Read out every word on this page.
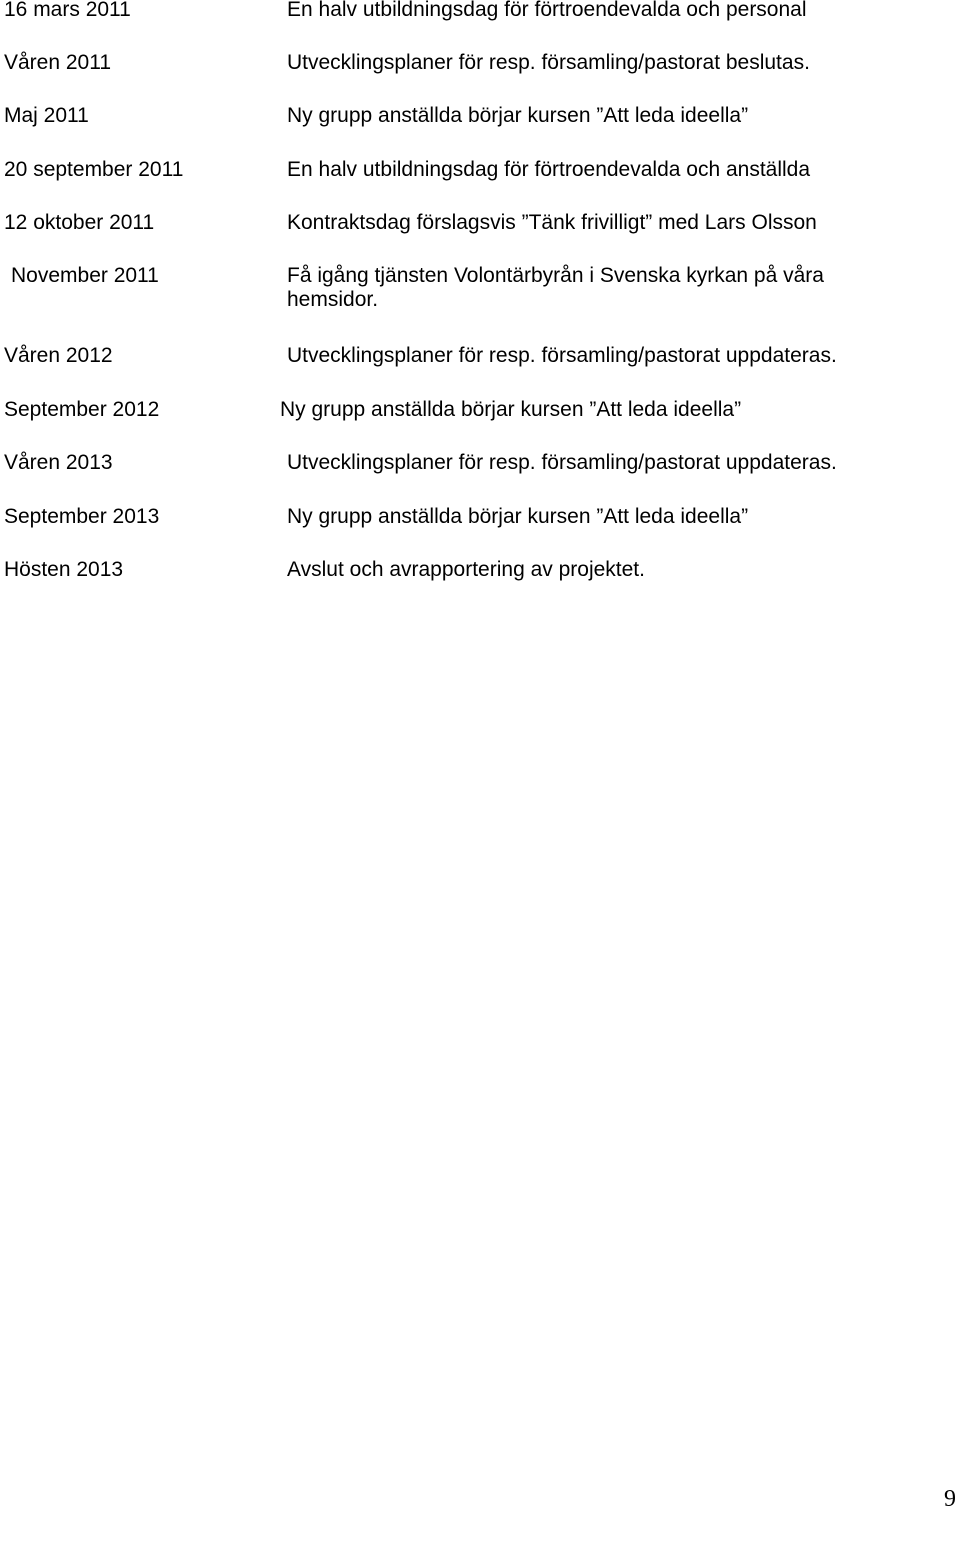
16 mars 2011	En halv utbildningsdag för förtroendevalda och personal
Våren 2011	Utvecklingsplaner för resp. församling/pastorat beslutas.
Maj 2011	Ny grupp anställda börjar kursen ”Att leda ideella”
20 september 2011	En halv utbildningsdag för förtroendevalda och anställda
12 oktober 2011	Kontraktsdag förslagsvis ”Tänk frivilligt” med Lars Olsson
November 2011	Få igång tjänsten Volontärbyrån i Svenska kyrkan på våra hemsidor.
Våren 2012	Utvecklingsplaner för resp. församling/pastorat uppdateras.
September 2012	Ny grupp anställda börjar kursen ”Att leda ideella”
Våren 2013	Utvecklingsplaner för resp. församling/pastorat uppdateras.
September 2013	Ny grupp anställda börjar kursen ”Att leda ideella”
Hösten 2013	Avslut och avrapportering av projektet.
9
